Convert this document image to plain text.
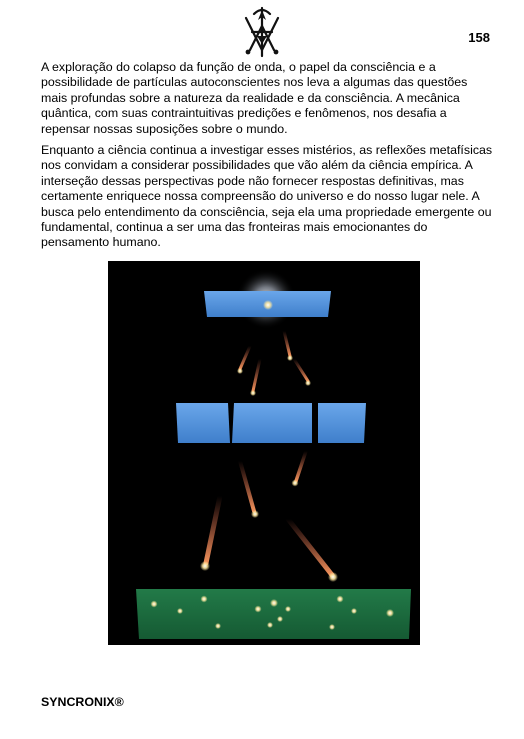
158

A exploração do colapso da função de onda, o papel da consciência e a possibilidade de partículas autoconscientes nos leva a algumas das questões mais profundas sobre a natureza da realidade e da consciência. A mecânica quântica, com suas contraintuitivas predições e fenômenos, nos desafia a repensar nossas suposições sobre o mundo.

Enquanto a ciência continua a investigar esses mistérios, as reflexões metafísicas nos convidam a considerar possibilidades que vão além da ciência empírica. A interseção dessas perspectivas pode não fornecer respostas definitivas, mas certamente enriquece nossa compreensão do universo e do nosso lugar nele. A busca pelo entendimento da consciência, seja ela uma propriedade emergente ou fundamental, continua a ser uma das fronteiras mais emocionantes do pensamento humano.

SYNCRONIX®
